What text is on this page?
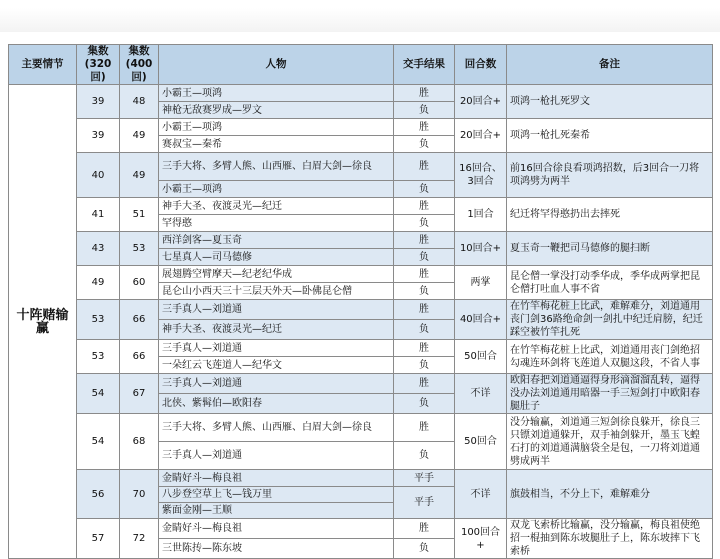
主要情节	集数(320回)	集数(400回)	人物	交手结果	回合数	备注
十阵赌输赢	39	48	小霸王—项鸿	胜	20回合+	项鸿一枪扎死罗文
			神枪无敌赛罗成—罗文	负		
	39	49	小霸王—项鸿	胜	20回合+	项鸿一枪扎死秦希
			赛叔宝—秦希	负		
	40	49	三手大将、多臂人熊、山西雁、白眉大剑—徐良	胜	16回合、3回合	前16回合徐良看项鸿招数，后3回合一刀将项鸿劈为两半
			小霸王—项鸿	负		
	41	51	神手大圣、夜渡灵光—纪迁	胜	1回合	纪迁将罕得憨扔出去摔死
			罕得憨	负		
	43	53	西洋剑客—夏玉奇	胜	10回合+	夏玉奇一鞭把司马德修的腿扫断
			七星真人—司马德修	负		
	49	60	展翅腾空臂摩天—纪老纪华成	胜	两掌	昆仑僧一掌没打动季华成，季华成两掌把昆仑僧打吐血人事不省
			昆仑山小西天三十三层天外天—卧佛昆仑僧	负		
	53	66	三手真人—刘道通	胜	40回合+	在竹竿梅花桩上比武，难解难分，刘道通用丧门剑36路绝命剑一剑扎中纪迁肩膀，纪迁踩空被竹竿扎死
			神手大圣、夜渡灵光—纪迁	负		
	53	66	三手真人—刘道通	胜	50回合	在竹竿梅花桩上比武，刘道通用丧门剑绝招勾魂连环剑将飞莲道人双腿这段，不省人事
			一朵红云飞莲道人—纪华文	负		
	54	67	三手真人—刘道通	胜	不详	欧阳春把刘道通逼得身形滴溜溜乱转，逼得没办法刘道通用暗器一手三短剑打中欧阳春腿肚子
			北侠、紫髯伯—欧阳春	负		
	54	68	三手大将、多臂人熊、山西雁、白眉大剑—徐良	胜	50回合	没分输赢，刘道通三短剑徐良躲开，徐良三只镖刘道通躲开，双手袖剑躲开，墨玉飞蝗石打的刘道通满脑袋全是包，一刀将刘道通劈成两半
			三手真人—刘道通	负		
	56	70	金睛好斗—梅良祖	平手	不详	旗鼓相当，不分上下，难解难分
			八步登空草上飞—钱万里	平手		
			紫面金刚—王顺			
	57	72	金睛好斗—梅良祖	胜	100回合+	双龙飞索桥比输赢，没分输赢，梅良祖使绝招一棍抽到陈东坡腿肚子上，陈东坡摔下飞索桥
			三世陈抟—陈东坡	负		
